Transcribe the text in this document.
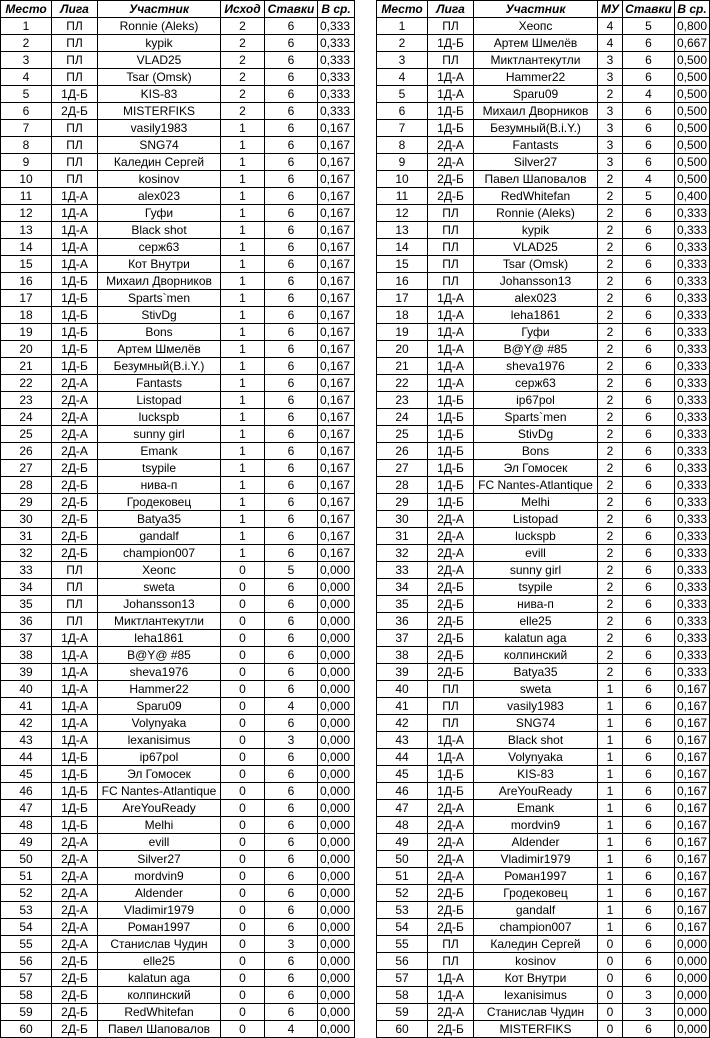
Место	Лига	Участник	Исход	Ставки	В ср.
1	ПЛ	Ronnie (Aleks)	2	6	0,333
2	ПЛ	kypik	2	6	0,333
3	ПЛ	VLAD25	2	6	0,333
4	ПЛ	Tsar (Omsk)	2	6	0,333
5	1Д-Б	KIS-83	2	6	0,333
6	2Д-Б	MISTERFIKS	2	6	0,333
7	ПЛ	vasily1983	1	6	0,167
8	ПЛ	SNG74	1	6	0,167
9	ПЛ	Каледин Сергей	1	6	0,167
10	ПЛ	kosinov	1	6	0,167
11	1Д-А	alex023	1	6	0,167
12	1Д-А	Гуфи	1	6	0,167
13	1Д-А	Black shot	1	6	0,167
14	1Д-А	серж63	1	6	0,167
15	1Д-А	Кот Внутри	1	6	0,167
16	1Д-Б	Михаил Дворников	1	6	0,167
17	1Д-Б	Sparts`men	1	6	0,167
18	1Д-Б	StivDg	1	6	0,167
19	1Д-Б	Bons	1	6	0,167
20	1Д-Б	Артем Шмелёв	1	6	0,167
21	1Д-Б	Безумный(B.i.Y.)	1	6	0,167
22	2Д-А	Fantasts	1	6	0,167
23	2Д-А	Listopad	1	6	0,167
24	2Д-А	luckspb	1	6	0,167
25	2Д-А	sunny girl	1	6	0,167
26	2Д-А	Emank	1	6	0,167
27	2Д-Б	tsypile	1	6	0,167
28	2Д-Б	нива-п	1	6	0,167
29	2Д-Б	Гродековец	1	6	0,167
30	2Д-Б	Batya35	1	6	0,167
31	2Д-Б	gandalf	1	6	0,167
32	2Д-Б	champion007	1	6	0,167
33	ПЛ	Хеопс	0	5	0,000
34	ПЛ	sweta	0	6	0,000
35	ПЛ	Johansson13	0	6	0,000
36	ПЛ	Миктлантекутли	0	6	0,000
37	1Д-А	leha1861	0	6	0,000
38	1Д-А	B@Y@ #85	0	6	0,000
39	1Д-А	sheva1976	0	6	0,000
40	1Д-А	Hammer22	0	6	0,000
41	1Д-А	Sparu09	0	4	0,000
42	1Д-А	Volynyaka	0	6	0,000
43	1Д-А	lexanisimus	0	3	0,000
44	1Д-Б	ip67pol	0	6	0,000
45	1Д-Б	Эл Гомосек	0	6	0,000
46	1Д-Б	FC Nantes-Atlantique	0	6	0,000
47	1Д-Б	AreYouReady	0	6	0,000
48	1Д-Б	Melhi	0	6	0,000
49	2Д-А	evill	0	6	0,000
50	2Д-А	Silver27	0	6	0,000
51	2Д-А	mordvin9	0	6	0,000
52	2Д-А	Aldender	0	6	0,000
53	2Д-А	Vladimir1979	0	6	0,000
54	2Д-А	Роман1997	0	6	0,000
55	2Д-А	Станислав Чудин	0	3	0,000
56	2Д-Б	elle25	0	6	0,000
57	2Д-Б	kalatun aga	0	6	0,000
58	2Д-Б	колпинский	0	6	0,000
59	2Д-Б	RedWhitefan	0	6	0,000
60	2Д-Б	Павел Шаповалов	0	4	0,000
Место	Лига	Участник	МУ	Ставки	В ср.
1	ПЛ	Хеопс	4	5	0,800
2	1Д-Б	Артем Шмелёв	4	6	0,667
3	ПЛ	Миктлантекутли	3	6	0,500
4	1Д-А	Hammer22	3	6	0,500
5	1Д-А	Sparu09	2	4	0,500
6	1Д-Б	Михаил Дворников	3	6	0,500
7	1Д-Б	Безумный(B.i.Y.)	3	6	0,500
8	2Д-А	Fantasts	3	6	0,500
9	2Д-А	Silver27	3	6	0,500
10	2Д-Б	Павел Шаповалов	2	4	0,500
11	2Д-Б	RedWhitefan	2	5	0,400
12	ПЛ	Ronnie (Aleks)	2	6	0,333
13	ПЛ	kypik	2	6	0,333
14	ПЛ	VLAD25	2	6	0,333
15	ПЛ	Tsar (Omsk)	2	6	0,333
16	ПЛ	Johansson13	2	6	0,333
17	1Д-А	alex023	2	6	0,333
18	1Д-А	leha1861	2	6	0,333
19	1Д-А	Гуфи	2	6	0,333
20	1Д-А	B@Y@ #85	2	6	0,333
21	1Д-А	sheva1976	2	6	0,333
22	1Д-А	серж63	2	6	0,333
23	1Д-Б	ip67pol	2	6	0,333
24	1Д-Б	Sparts`men	2	6	0,333
25	1Д-Б	StivDg	2	6	0,333
26	1Д-Б	Bons	2	6	0,333
27	1Д-Б	Эл Гомосек	2	6	0,333
28	1Д-Б	FC Nantes-Atlantique	2	6	0,333
29	1Д-Б	Melhi	2	6	0,333
30	2Д-А	Listopad	2	6	0,333
31	2Д-А	luckspb	2	6	0,333
32	2Д-А	evill	2	6	0,333
33	2Д-А	sunny girl	2	6	0,333
34	2Д-Б	tsypile	2	6	0,333
35	2Д-Б	нива-п	2	6	0,333
36	2Д-Б	elle25	2	6	0,333
37	2Д-Б	kalatun aga	2	6	0,333
38	2Д-Б	колпинский	2	6	0,333
39	2Д-Б	Batya35	2	6	0,333
40	ПЛ	sweta	1	6	0,167
41	ПЛ	vasily1983	1	6	0,167
42	ПЛ	SNG74	1	6	0,167
43	1Д-А	Black shot	1	6	0,167
44	1Д-А	Volynyaka	1	6	0,167
45	1Д-Б	KIS-83	1	6	0,167
46	1Д-Б	AreYouReady	1	6	0,167
47	2Д-А	Emank	1	6	0,167
48	2Д-А	mordvin9	1	6	0,167
49	2Д-А	Aldender	1	6	0,167
50	2Д-А	Vladimir1979	1	6	0,167
51	2Д-А	Роман1997	1	6	0,167
52	2Д-Б	Гродековец	1	6	0,167
53	2Д-Б	gandalf	1	6	0,167
54	2Д-Б	champion007	1	6	0,167
55	ПЛ	Каледин Сергей	0	6	0,000
56	ПЛ	kosinov	0	6	0,000
57	1Д-А	Кот Внутри	0	6	0,000
58	1Д-А	lexanisimus	0	3	0,000
59	2Д-А	Станислав Чудин	0	3	0,000
60	2Д-Б	MISTERFIKS	0	6	0,000
